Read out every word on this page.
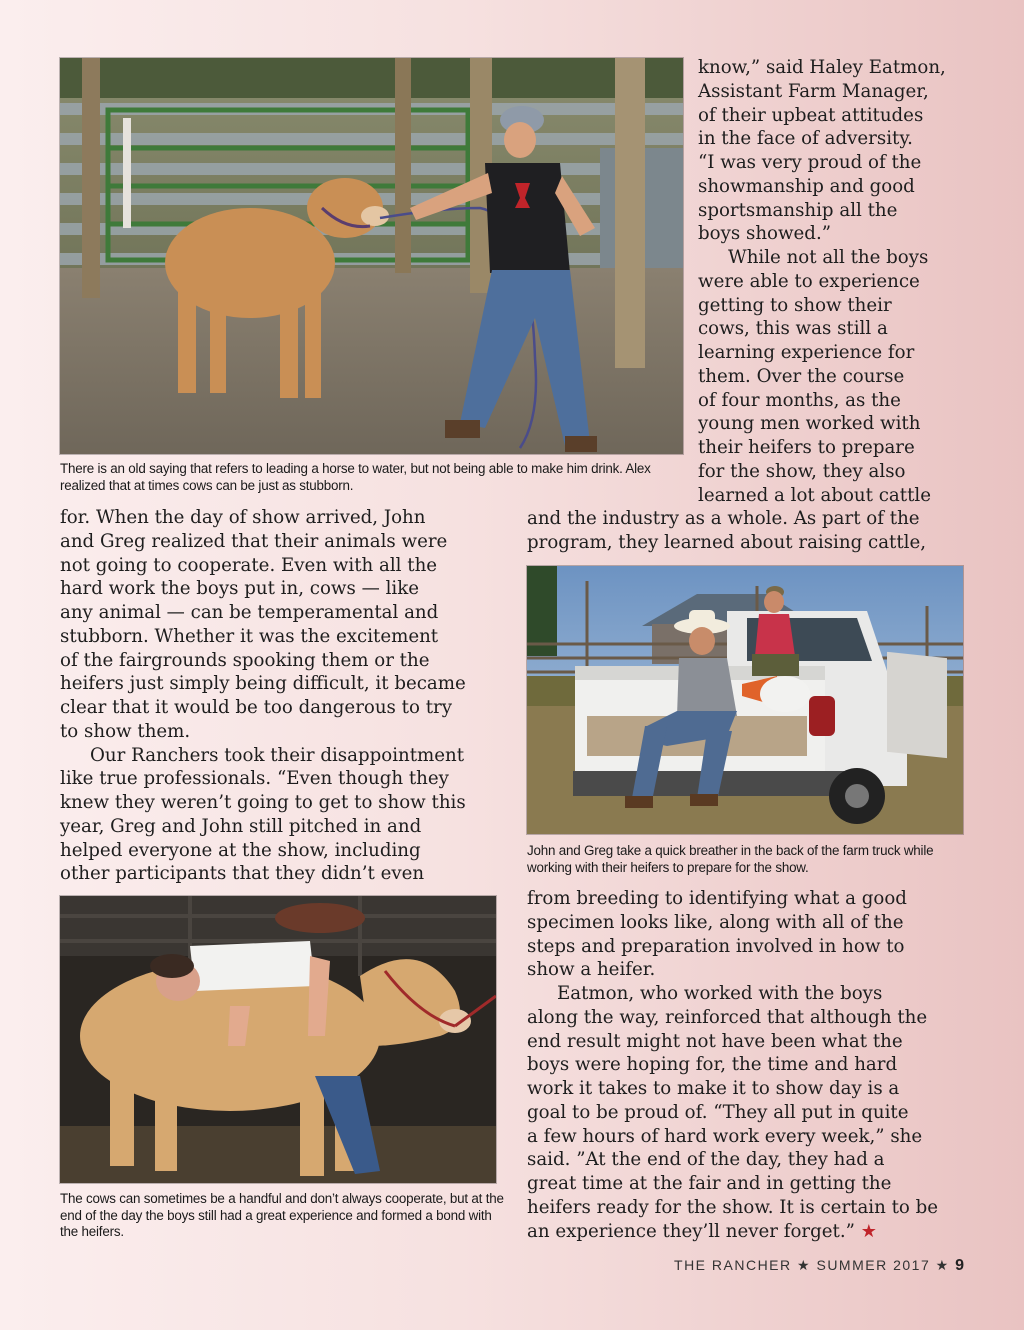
There is an old saying that refers to leading a horse to water, but not being able to make him drink. Alex realized that at times cows can be just as stubborn.

know,” said Haley Eatmon,
Assistant Farm Manager,
of their upbeat attitudes
in the face of adversity.
“I was very proud of the
showmanship and good
sportsmanship all the
boys showed.”
While not all the boys
were able to experience
getting to show their
cows, this was still a
learning experience for
them. Over the course
of four months, as the
young men worked with
their heifers to prepare
for the show, they also
learned a lot about cattle

and the industry as a whole. As part of the
program, they learned about raising cattle,

for. When the day of show arrived, John
and Greg realized that their animals were
not going to cooperate. Even with all the
hard work the boys put in, cows — like
any animal — can be temperamental and
stubborn. Whether it was the excitement
of the fairgrounds spooking them or the
heifers just simply being difficult, it became
clear that it would be too dangerous to try
to show them.
Our Ranchers took their disappointment
like true professionals. “Even though they
knew they weren’t going to get to show this
year, Greg and John still pitched in and
helped everyone at the show, including
other participants that they didn’t even

John and Greg take a quick breather in the back of the farm truck while working with their heifers to prepare for the show.

from breeding to identifying what a good
specimen looks like, along with all of the
steps and preparation involved in how to
show a heifer.
Eatmon, who worked with the boys
along the way, reinforced that although the
end result might not have been what the
boys were hoping for, the time and hard
work it takes to make it to show day is a
goal to be proud of. “They all put in quite
a few hours of hard work every week,” she
said. ”At the end of the day, they had a
great time at the fair and in getting the
heifers ready for the show. It is certain to be
an experience they’ll never forget.” ★

The cows can sometimes be a handful and don’t always cooperate, but at the end of the day the boys still had a great experience and formed a bond with the heifers.

THE RANCHER ★ SUMMER 2017 ★ 9
